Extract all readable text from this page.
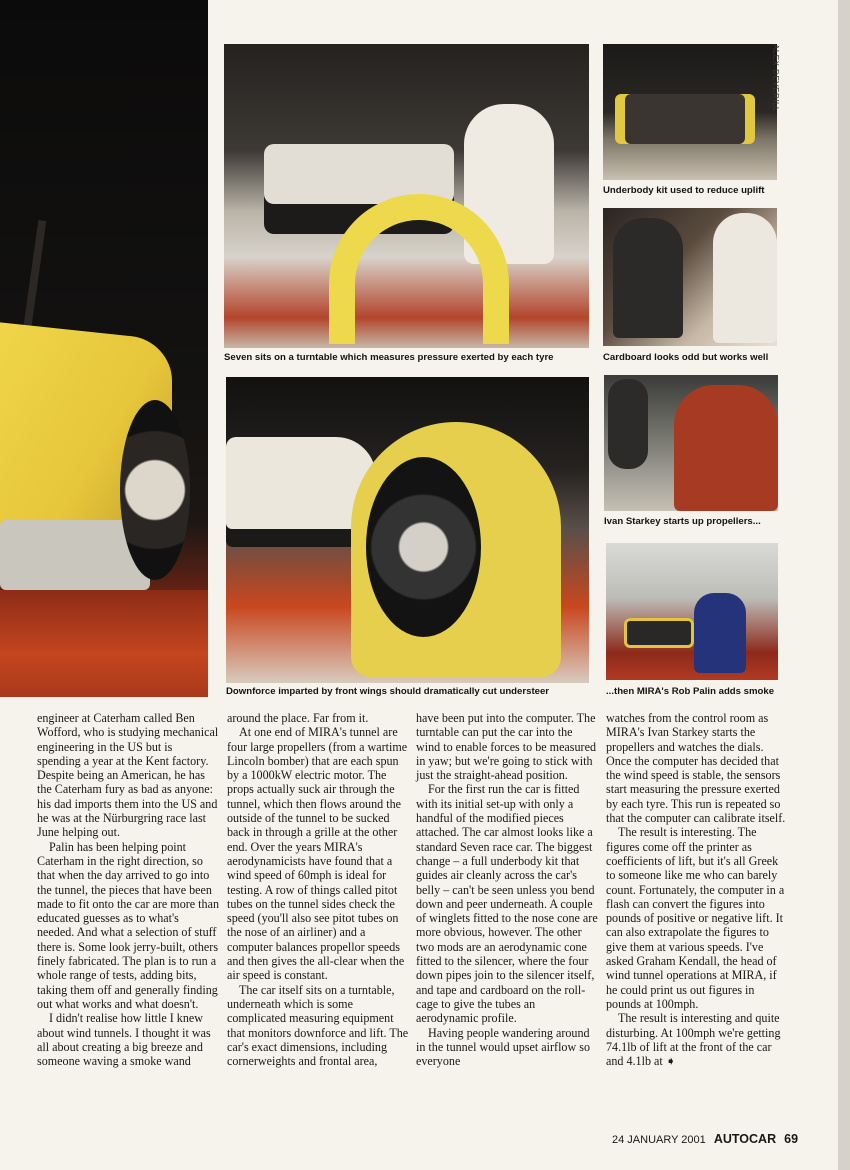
Seven sits on a turntable which measures pressure exerted by each tyre
Underbody kit used to reduce uplift
ALEX DEVERILL
Cardboard looks odd but works well
Downforce imparted by front wings should dramatically cut understeer
Ivan Starkey starts up propellers...
...then MIRA's Rob Palin adds smoke

engineer at Caterham called Ben Wofford, who is studying mechanical engineering in the US but is spending a year at the Kent factory. Despite being an American, he has the Caterham fury as bad as anyone: his dad imports them into the US and he was at the Nürburgring race last June helping out.

Palin has been helping point Caterham in the right direction, so that when the day arrived to go into the tunnel, the pieces that have been made to fit onto the car are more than educated guesses as to what's needed. And what a selection of stuff there is. Some look jerry-built, others finely fabricated. The plan is to run a whole range of tests, adding bits, taking them off and generally finding out what works and what doesn't.

I didn't realise how little I knew about wind tunnels. I thought it was all about creating a big breeze and someone waving a smoke wand

around the place. Far from it.

At one end of MIRA's tunnel are four large propellers (from a wartime Lincoln bomber) that are each spun by a 1000kW electric motor. The props actually suck air through the tunnel, which then flows around the outside of the tunnel to be sucked back in through a grille at the other end. Over the years MIRA's aerodynamicists have found that a wind speed of 60mph is ideal for testing. A row of things called pitot tubes on the tunnel sides check the speed (you'll also see pitot tubes on the nose of an airliner) and a computer balances propellor speeds and then gives the all-clear when the air speed is constant.

The car itself sits on a turntable, underneath which is some complicated measuring equipment that monitors downforce and lift. The car's exact dimensions, including cornerweights and frontal area,

have been put into the computer. The turntable can put the car into the wind to enable forces to be measured in yaw; but we're going to stick with just the straight-ahead position.

For the first run the car is fitted with its initial set-up with only a handful of the modified pieces attached. The car almost looks like a standard Seven race car. The biggest change – a full underbody kit that guides air cleanly across the car's belly – can't be seen unless you bend down and peer underneath. A couple of winglets fitted to the nose cone are more obvious, however. The other two mods are an aerodynamic cone fitted to the silencer, where the four down pipes join to the silencer itself, and tape and cardboard on the roll-cage to give the tubes an aerodynamic profile.

Having people wandering around in the tunnel would upset airflow so everyone

watches from the control room as MIRA's Ivan Starkey starts the propellers and watches the dials. Once the computer has decided that the wind speed is stable, the sensors start measuring the pressure exerted by each tyre. This run is repeated so that the computer can calibrate itself.

The result is interesting. The figures come off the printer as coefficients of lift, but it's all Greek to someone like me who can barely count. Fortunately, the computer in a flash can convert the figures into pounds of positive or negative lift. It can also extrapolate the figures to give them at various speeds. I've asked Graham Kendall, the head of wind tunnel operations at MIRA, if he could print us out figures in pounds at 100mph.

The result is interesting and quite disturbing. At 100mph we're getting 74.1lb of lift at the front of the car and 4.1lb at ➧

24 JANUARY 2001 AUTOCAR 69
